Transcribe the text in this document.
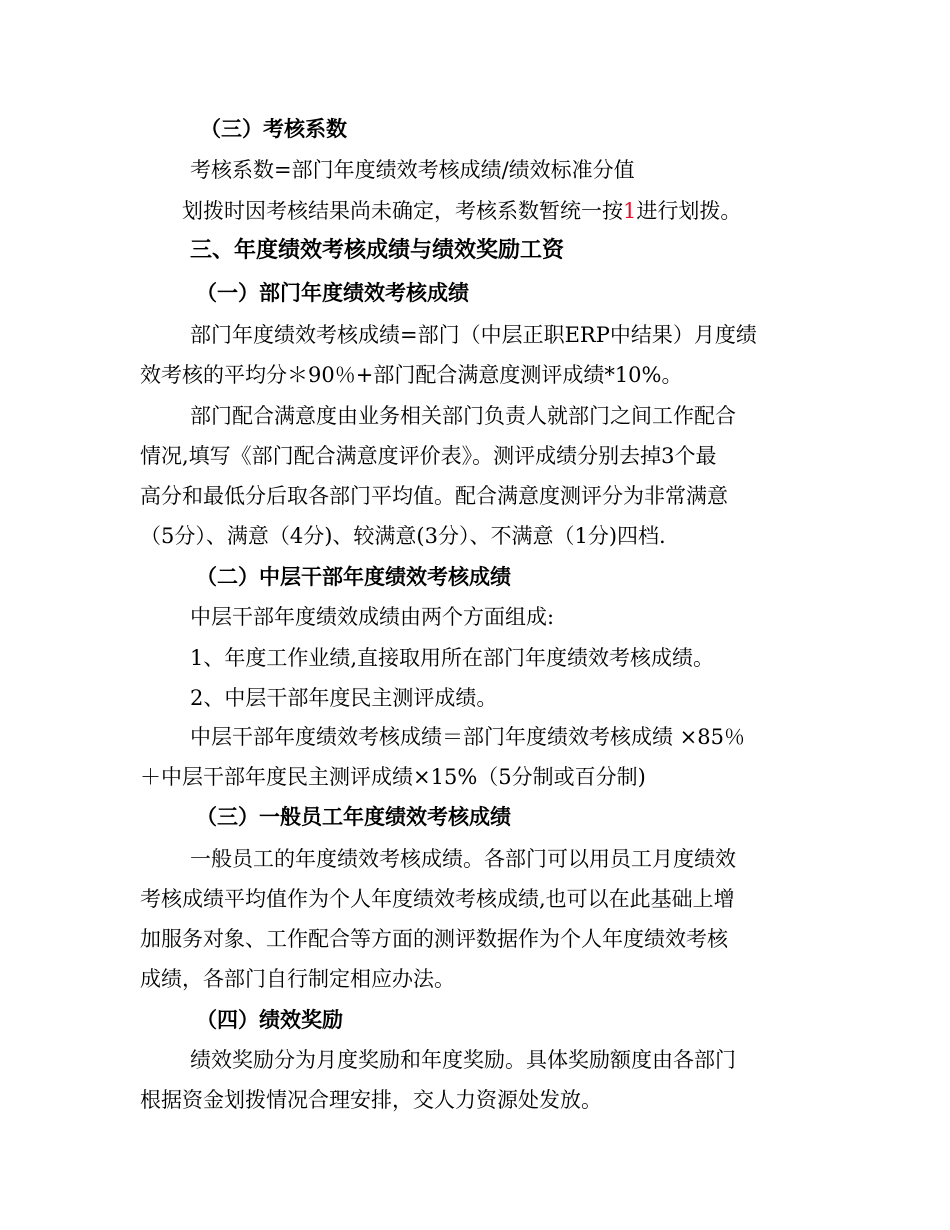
（三）考核系数
考核系数=部门年度绩效考核成绩/绩效标准分值
划拨时因考核结果尚未确定，考核系数暂统一按1进行划拨。
三、年度绩效考核成绩与绩效奖励工资
（一）部门年度绩效考核成绩
部门年度绩效考核成绩=部门（中层正职ERP中结果）月度绩
效考核的平均分＊90％+部门配合满意度测评成绩*10%。
部门配合满意度由业务相关部门负责人就部门之间工作配合
情况,填写《部门配合满意度评价表》。测评成绩分别去掉3个最
高分和最低分后取各部门平均值。配合满意度测评分为非常满意
（5分）、满意（4分)、较满意(3分）、不满意（1分)四档.
（二）中层干部年度绩效考核成绩
中层干部年度绩效成绩由两个方面组成:
1、年度工作业绩,直接取用所在部门年度绩效考核成绩。
2、中层干部年度民主测评成绩。
中层干部年度绩效考核成绩＝部门年度绩效考核成绩 ×85％
＋中层干部年度民主测评成绩×15%（5分制或百分制)
（三）一般员工年度绩效考核成绩
一般员工的年度绩效考核成绩。各部门可以用员工月度绩效
考核成绩平均值作为个人年度绩效考核成绩,也可以在此基础上增
加服务对象、工作配合等方面的测评数据作为个人年度绩效考核
成绩，各部门自行制定相应办法。
（四）绩效奖励
绩效奖励分为月度奖励和年度奖励。具体奖励额度由各部门
根据资金划拨情况合理安排，交人力资源处发放。
